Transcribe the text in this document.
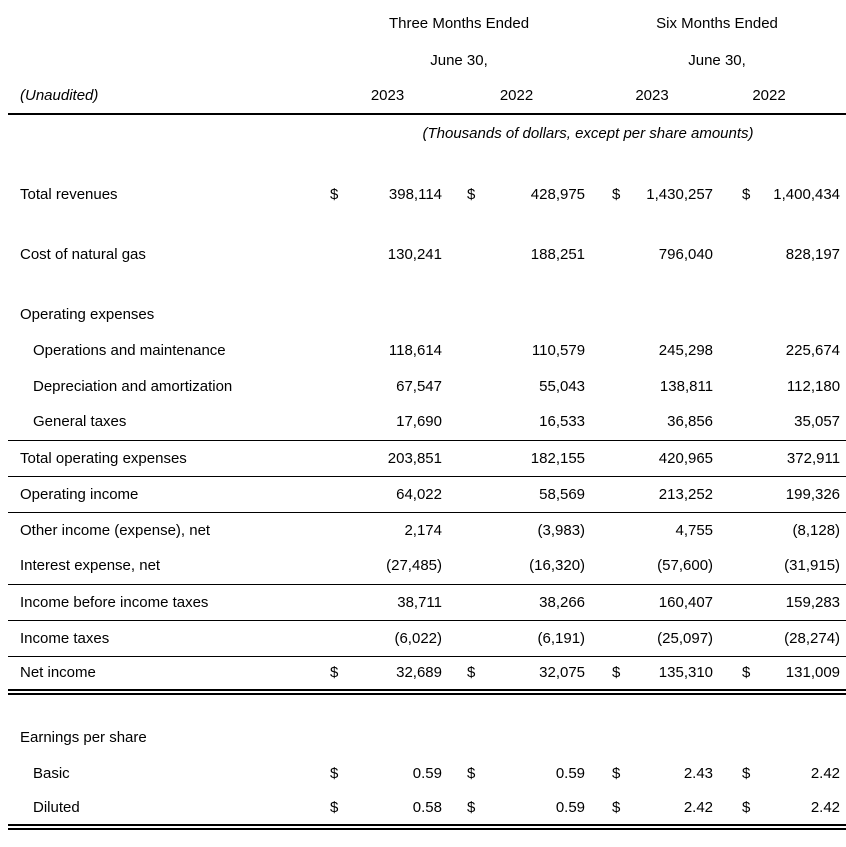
	Three Months Ended				Six Months Ended			
	June 30,				June 30,			
(Unaudited)	2023		2022		2023		2022	
	(Thousands of dollars, except per share amounts)							

Total revenues	$	398,114	$	428,975	$	1,430,257	$	1,400,434

Cost of natural gas		130,241		188,251		796,040		828,197

Operating expenses								
Operations and maintenance		118,614		110,579		245,298		225,674
Depreciation and amortization		67,547		55,043		138,811		112,180
General taxes		17,690		16,533		36,856		35,057
Total operating expenses		203,851		182,155		420,965		372,911
Operating income		64,022		58,569		213,252		199,326
Other income (expense), net		2,174		(3,983)		4,755		(8,128)
Interest expense, net		(27,485)		(16,320)		(57,600)		(31,915)
Income before income taxes		38,711		38,266		160,407		159,283
Income taxes		(6,022)		(6,191)		(25,097)		(28,274)
Net income	$	32,689	$	32,075	$	135,310	$	131,009

Earnings per share								
Basic	$	0.59	$	0.59	$	2.43	$	2.42
Diluted	$	0.58	$	0.59	$	2.42	$	2.42
